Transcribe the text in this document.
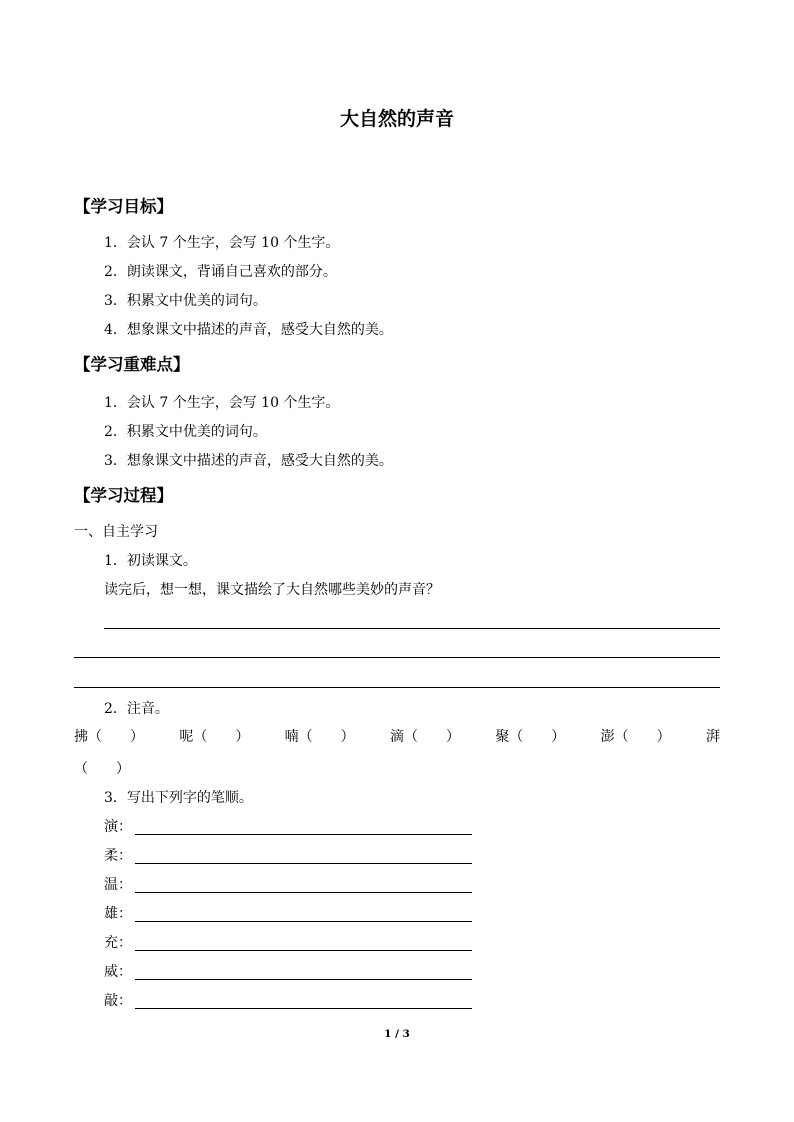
大自然的声音
【学习目标】
1．会认 7 个生字，会写 10 个生字。
2．朗读课文，背诵自己喜欢的部分。
3．积累文中优美的词句。
4．想象课文中描述的声音，感受大自然的美。
【学习重难点】
1．会认 7 个生字，会写 10 个生字。
2．积累文中优美的词句。
3．想象课文中描述的声音，感受大自然的美。
【学习过程】
一、自主学习
1．初读课文。
读完后，想一想，课文描绘了大自然哪些美妙的声音？
2．注音。
拂（　　）	呢（　　）	喃（　　）	滴（　　）	聚（　　）	澎（　　）	湃
（　　）
3．写出下列字的笔顺。
演：
柔：
温：
雄：
充：
威：
敲：
1 / 3
